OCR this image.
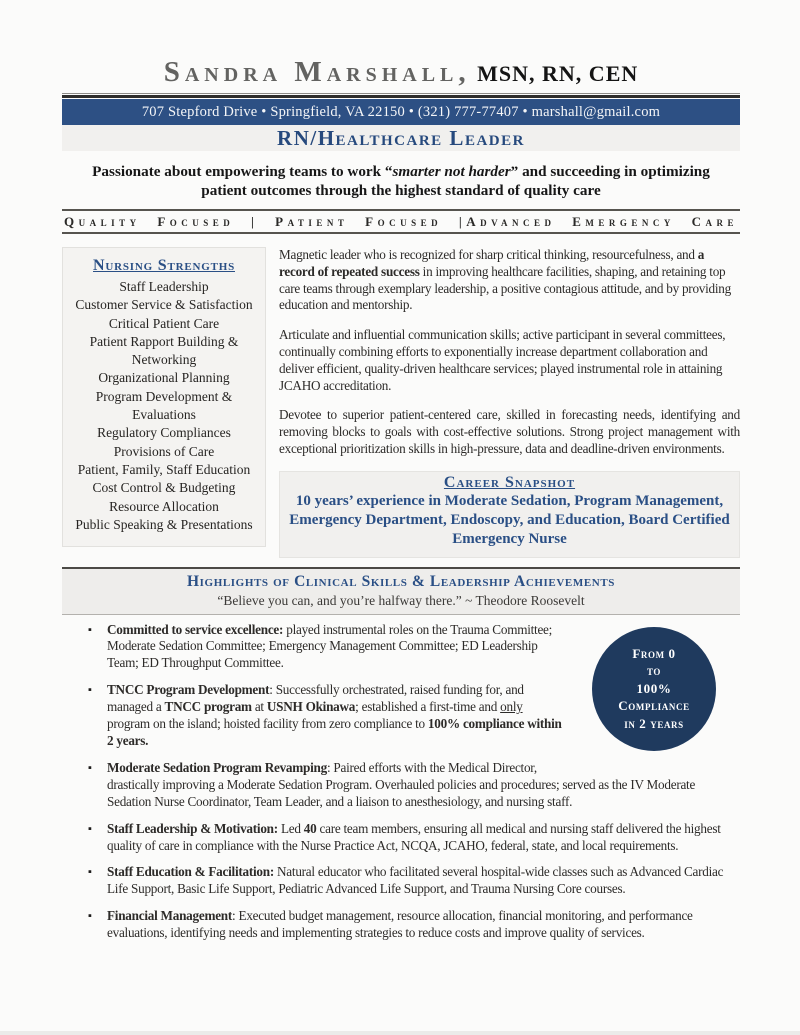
Sandra Marshall, MSN, RN, CEN
707 Stepford Drive • Springfield, VA 22150 • (321) 777-77407 • marshall@gmail.com
RN/Healthcare Leader
Passionate about empowering teams to work “smarter not harder” and succeeding in optimizing patient outcomes through the highest standard of quality care
Quality Focused | Patient Focused |Advanced Emergency Care
Nursing Strengths
Staff Leadership
Customer Service & Satisfaction
Critical Patient Care
Patient Rapport Building & Networking
Organizational Planning
Program Development & Evaluations
Regulatory Compliances
Provisions of Care
Patient, Family, Staff Education
Cost Control & Budgeting
Resource Allocation
Public Speaking & Presentations

Magnetic leader who is recognized for sharp critical thinking, resourcefulness, and a record of repeated success in improving healthcare facilities, shaping, and retaining top care teams through exemplary leadership, a positive contagious attitude, and by providing education and mentorship.

Articulate and influential communication skills; active participant in several committees, continually combining efforts to exponentially increase department collaboration and deliver efficient, quality-driven healthcare services; played instrumental role in attaining JCAHO accreditation.

Devotee to superior patient-centered care, skilled in forecasting needs, identifying and removing blocks to goals with cost-effective solutions. Strong project management with exceptional prioritization skills in high-pressure, data and deadline-driven environments.

Career Snapshot
10 years’ experience in Moderate Sedation, Program Management,
Emergency Department, Endoscopy, and Education, Board Certified
Emergency Nurse
Highlights of Clinical Skills & Leadership Achievements
“Believe you can, and you’re halfway there.” ~ Theodore Roosevelt
From 0
to
100%
Compliance
in 2 years
▪ Committed to service excellence: played instrumental roles on the Trauma Committee; Moderate Sedation Committee; Emergency Management Committee; ED Leadership Team; ED Throughput Committee.
▪ TNCC Program Development: Successfully orchestrated, raised funding for, and managed a TNCC program at USNH Okinawa; established a first-time and only program on the island; hoisted facility from zero compliance to 100% compliance within 2 years.
▪ Moderate Sedation Program Revamping: Paired efforts with the Medical Director, drastically improving a Moderate Sedation Program. Overhauled policies and procedures; served as the IV Moderate Sedation Nurse Coordinator, Team Leader, and a liaison to anesthesiology, and nursing staff.
▪ Staff Leadership & Motivation: Led 40 care team members, ensuring all medical and nursing staff delivered the highest quality of care in compliance with the Nurse Practice Act, NCQA, JCAHO, federal, state, and local requirements.
▪ Staff Education & Facilitation: Natural educator who facilitated several hospital-wide classes such as Advanced Cardiac Life Support, Basic Life Support, Pediatric Advanced Life Support, and Trauma Nursing Core courses.
▪ Financial Management: Executed budget management, resource allocation, financial monitoring, and performance evaluations, identifying needs and implementing strategies to reduce costs and improve quality of services.
